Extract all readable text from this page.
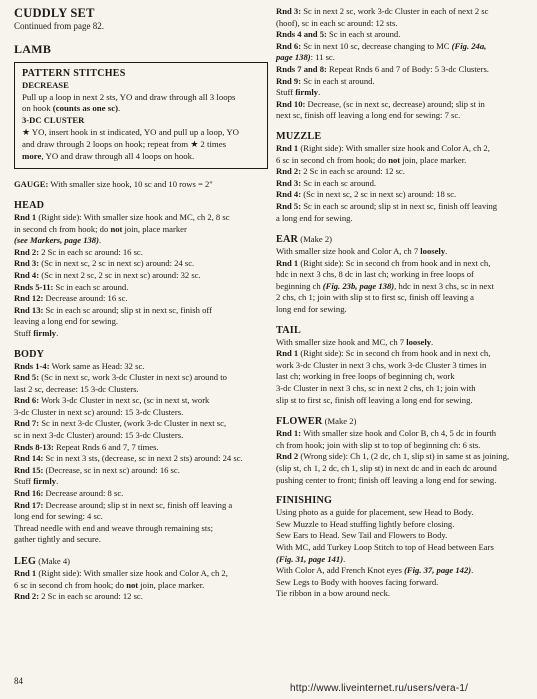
CUDDLY SET
Continued from page 82.
LAMB
PATTERN STITCHES
DECREASE
Pull up a loop in next 2 sts, YO and draw through all 3 loops
on hook (counts as one sc).
3-DC CLUSTER
★ YO, insert hook in st indicated, YO and pull up a loop, YO
and draw through 2 loops on hook; repeat from ★ 2 times
more, YO and draw through all 4 loops on hook.
GAUGE: With smaller size hook, 10 sc and 10 rows = 2"
HEAD
Rnd 1 (Right side): With smaller size hook and MC, ch 2, 8 sc
in second ch from hook; do not join, place marker
(see Markers, page 138).
Rnd 2: 2 Sc in each sc around: 16 sc.
Rnd 3: (Sc in next sc, 2 sc in next sc) around: 24 sc.
Rnd 4: (Sc in next 2 sc, 2 sc in next sc) around: 32 sc.
Rnds 5-11: Sc in each sc around.
Rnd 12: Decrease around: 16 sc.
Rnd 13: Sc in each sc around; slip st in next sc, finish off
leaving a long end for sewing.
Stuff firmly.
BODY
Rnds 1-4: Work same as Head: 32 sc.
Rnd 5: (Sc in next sc, work 3-dc Cluster in next sc) around to
last 2 sc, decrease: 15 3-dc Clusters.
Rnd 6: Work 3-dc Cluster in next sc, (sc in next st, work
3-dc Cluster in next sc) around: 15 3-dc Clusters.
Rnd 7: Sc in next 3-dc Cluster, (work 3-dc Cluster in next sc,
sc in next 3-dc Cluster) around: 15 3-dc Clusters.
Rnds 8-13: Repeat Rnds 6 and 7, 7 times.
Rnd 14: Sc in next 3 sts, (decrease, sc in next 2 sts) around: 24 sc.
Rnd 15: (Decrease, sc in next sc) around: 16 sc.
Stuff firmly.
Rnd 16: Decrease around: 8 sc.
Rnd 17: Decrease around; slip st in next sc, finish off leaving a
long end for sewing: 4 sc.
Thread needle with end and weave through remaining sts;
gather tightly and secure.
LEG (Make 4)
Rnd 1 (Right side): With smaller size hook and Color A, ch 2,
6 sc in second ch from hook; do not join, place marker.
Rnd 2: 2 Sc in each sc around: 12 sc.
Rnd 3: Sc in next 2 sc, work 3-dc Cluster in each of next 2 sc
(hoof), sc in each sc around: 12 sts.
Rnds 4 and 5: Sc in each st around.
Rnd 6: Sc in next 10 sc, decrease changing to MC (Fig. 24a,
page 138): 11 sc.
Rnds 7 and 8: Repeat Rnds 6 and 7 of Body: 5 3-dc Clusters.
Rnd 9: Sc in each st around.
Stuff firmly.
Rnd 10: Decrease, (sc in next sc, decrease) around; slip st in
next sc, finish off leaving a long end for sewing: 7 sc.
MUZZLE
Rnd 1 (Right side): With smaller size hook and Color A, ch 2,
6 sc in second ch from hook; do not join, place marker.
Rnd 2: 2 Sc in each sc around: 12 sc.
Rnd 3: Sc in each sc around.
Rnd 4: (Sc in next sc, 2 sc in next sc) around: 18 sc.
Rnd 5: Sc in each sc around; slip st in next sc, finish off leaving
a long end for sewing.
EAR (Make 2)
With smaller size hook and Color A, ch 7 loosely.
Rnd 1 (Right side): Sc in second ch from hook and in next ch,
hdc in next 3 chs, 8 dc in last ch; working in free loops of
beginning ch (Fig. 23b, page 138), hdc in next 3 chs, sc in next
2 chs, ch 1; join with slip st to first sc, finish off leaving a
long end for sewing.
TAIL
With smaller size hook and MC, ch 7 loosely.
Rnd 1 (Right side): Sc in second ch from hook and in next ch,
work 3-dc Cluster in next 3 chs, work 3-dc Cluster 3 times in
last ch; working in free loops of beginning ch, work
3-dc Cluster in next 3 chs, sc in next 2 chs, ch 1; join with
slip st to first sc, finish off leaving a long end for sewing.
FLOWER (Make 2)
Rnd 1: With smaller size hook and Color B, ch 4, 5 dc in fourth
ch from hook; join with slip st to top of beginning ch: 6 sts.
Rnd 2 (Wrong side): Ch 1, (2 dc, ch 1, slip st) in same st as joining,
(slip st, ch 1, 2 dc, ch 1, slip st) in next dc and in each dc around
pushing center to front; finish off leaving a long end for sewing.
FINISHING
Using photo as a guide for placement, sew Head to Body.
Sew Muzzle to Head stuffing lightly before closing.
Sew Ears to Head. Sew Tail and Flowers to Body.
With MC, add Turkey Loop Stitch to top of Head between Ears
(Fig. 31, page 141).
With Color A, add French Knot eyes (Fig. 37, page 142).
Sew Legs to Body with hooves facing forward.
Tie ribbon in a bow around neck.
84
http://www.liveinternet.ru/users/vera-1/
